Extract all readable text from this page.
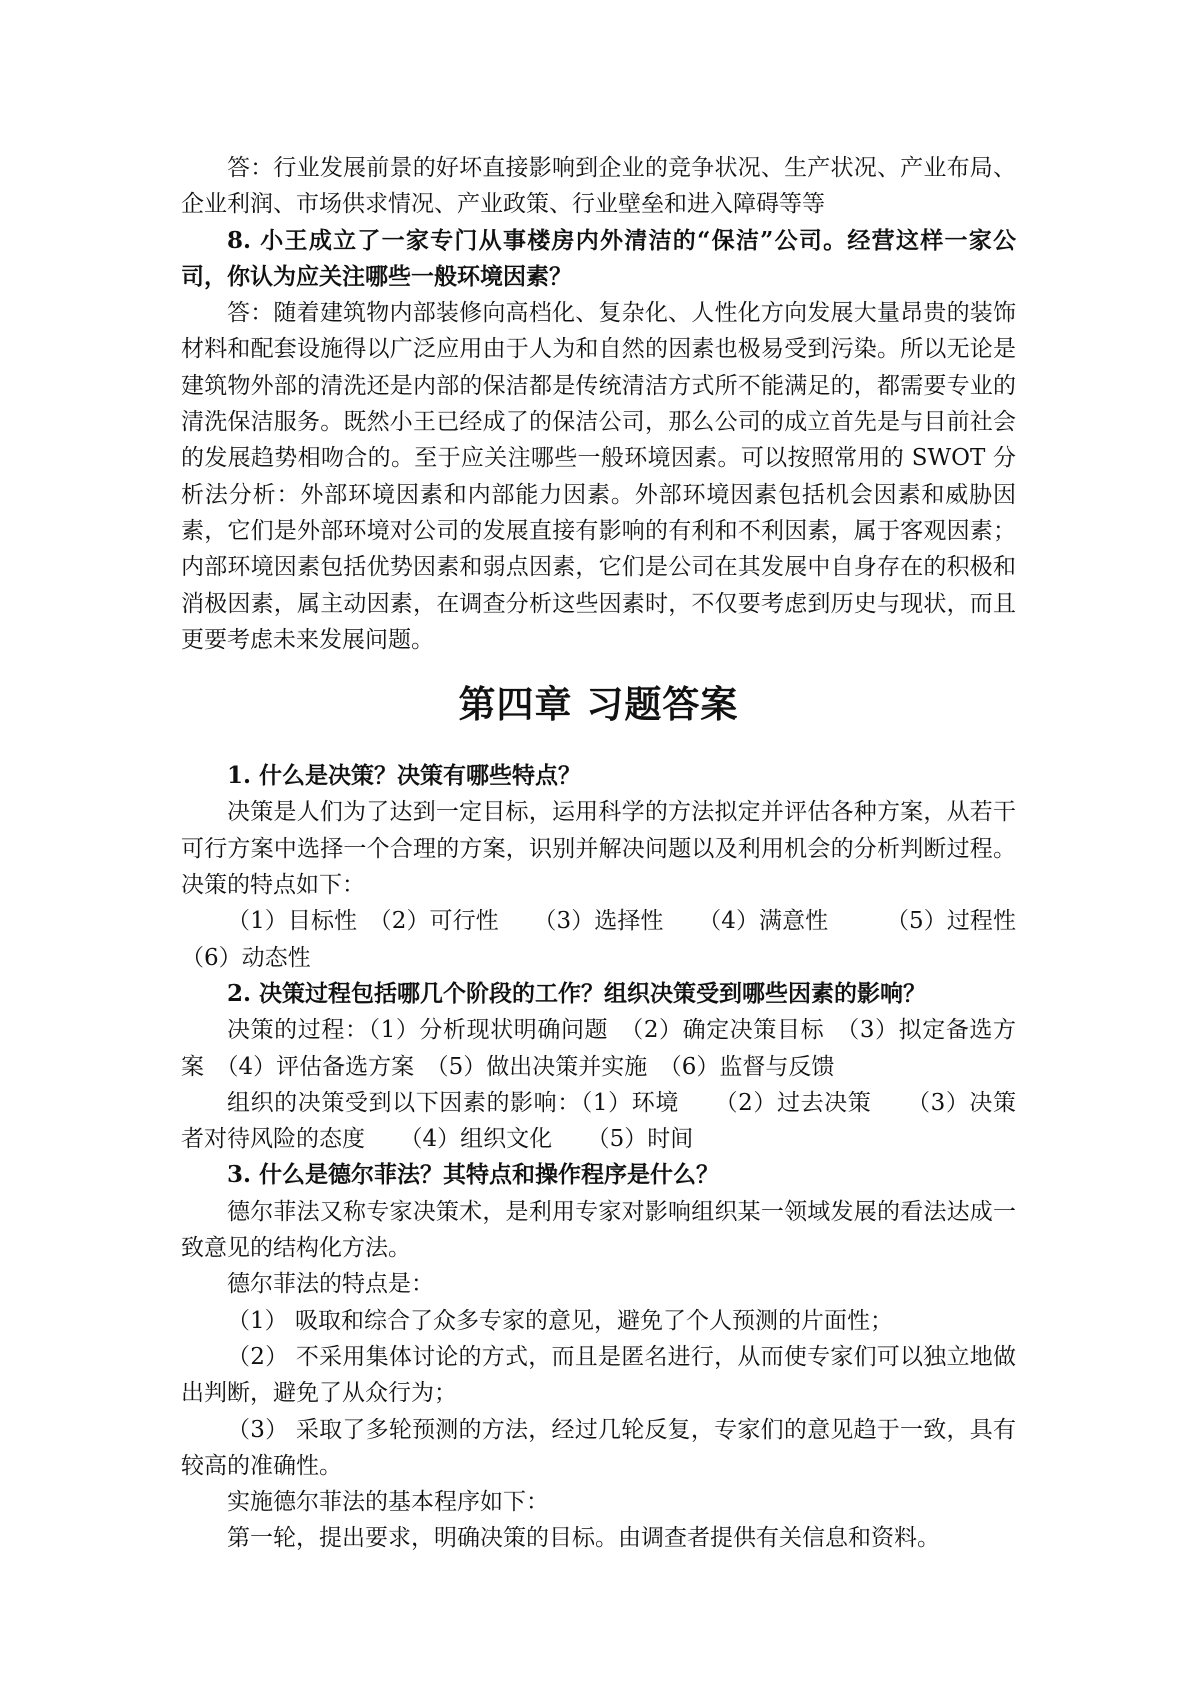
答：行业发展前景的好坏直接影响到企业的竞争状况、生产状况、产业布局、企业利润、市场供求情况、产业政策、行业壁垒和进入障碍等等

8. 小王成立了一家专门从事楼房内外清洁的“保洁”公司。经营这样一家公司，你认为应关注哪些一般环境因素？

答：随着建筑物内部装修向高档化、复杂化、人性化方向发展大量昂贵的装饰材料和配套设施得以广泛应用由于人为和自然的因素也极易受到污染。所以无论是建筑物外部的清洗还是内部的保洁都是传统清洁方式所不能满足的，都需要专业的清洗保洁服务。既然小王已经成了的保洁公司，那么公司的成立首先是与目前社会的发展趋势相吻合的。至于应关注哪些一般环境因素。可以按照常用的 SWOT 分析法分析：外部环境因素和内部能力因素。外部环境因素包括机会因素和威胁因素，它们是外部环境对公司的发展直接有影响的有利和不利因素，属于客观因素；内部环境因素包括优势因素和弱点因素，它们是公司在其发展中自身存在的积极和消极因素，属主动因素，在调查分析这些因素时，不仅要考虑到历史与现状，而且更要考虑未来发展问题。

第四章 习题答案

1. 什么是决策？决策有哪些特点？

决策是人们为了达到一定目标，运用科学的方法拟定并评估各种方案，从若干可行方案中选择一个合理的方案，识别并解决问题以及利用机会的分析判断过程。决策的特点如下：

（1）目标性　（2）可行性　　（3）选择性　　（4）满意性　　　（5）过程性　　（6）动态性

2. 决策过程包括哪几个阶段的工作？组织决策受到哪些因素的影响？

决策的过程：（1）分析现状明确问题　（2）确定决策目标　（3）拟定备选方案　（4）评估备选方案　（5）做出决策并实施　（6）监督与反馈

组织的决策受到以下因素的影响：（1）环境　　（2）过去决策　　（3）决策者对待风险的态度　　（4）组织文化　　（5）时间

3. 什么是德尔菲法？其特点和操作程序是什么？

德尔菲法又称专家决策术，是利用专家对影响组织某一领域发展的看法达成一致意见的结构化方法。

德尔菲法的特点是：

（1） 吸取和综合了众多专家的意见，避免了个人预测的片面性；

（2） 不采用集体讨论的方式，而且是匿名进行，从而使专家们可以独立地做出判断，避免了从众行为；

（3） 采取了多轮预测的方法，经过几轮反复，专家们的意见趋于一致，具有较高的准确性。

实施德尔菲法的基本程序如下：

第一轮，提出要求，明确决策的目标。由调查者提供有关信息和资料。
